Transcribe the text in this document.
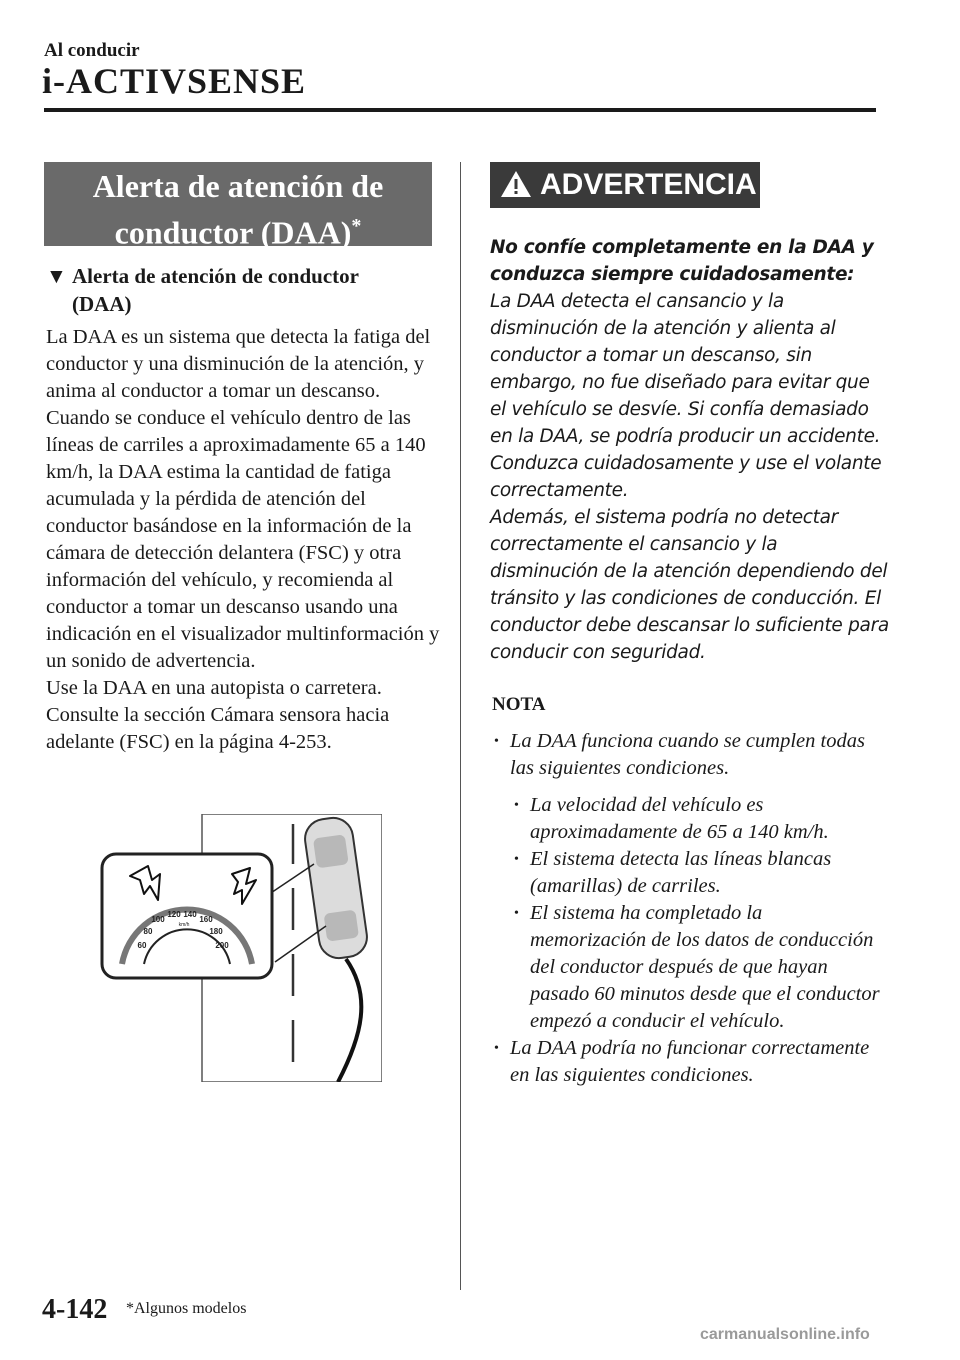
Al conducir
i-ACTIVSENSE
Alerta de atención de
conductor (DAA)*
▼ Alerta de atención de conductor
(DAA)

La DAA es un sistema que detecta la fatiga del conductor y una disminución de la atención, y anima al conductor a tomar un descanso.

Cuando se conduce el vehículo dentro de las líneas de carriles a aproximadamente 65 a 140 km/h, la DAA estima la cantidad de fatiga acumulada y la pérdida de atención del conductor basándose en la información de la cámara de detección delantera (FSC) y otra información del vehículo, y recomienda al conductor a tomar un descanso usando una indicación en el visualizador multinformación y un sonido de advertencia.

Use la DAA en una autopista o carretera.

Consulte la sección Cámara sensora hacia adelante (FSC) en la página 4-253.

60
80
100
120 140
160
180
200
km/h
ADVERTENCIA

No confíe completamente en la DAA y conduzca siempre cuidadosamente:

La DAA detecta el cansancio y la disminución de la atención y alienta al conductor a tomar un descanso, sin embargo, no fue diseñado para evitar que el vehículo se desvíe. Si confía demasiado en la DAA, se podría producir un accidente. Conduzca cuidadosamente y use el volante correctamente.

Además, el sistema podría no detectar correctamente el cansancio y la disminución de la atención dependiendo del tránsito y las condiciones de conducción. El conductor debe descansar lo suficiente para conducir con seguridad.

NOTA

• La DAA funciona cuando se cumplen todas las siguientes condiciones.

• La velocidad del vehículo es aproximadamente de 65 a 140 km/h.

• El sistema detecta las líneas blancas (amarillas) de carriles.

• El sistema ha completado la memorización de los datos de conducción del conductor después de que hayan pasado 60 minutos desde que el conductor empezó a conducir el vehículo.

• La DAA podría no funcionar correctamente en las siguientes condiciones.

4-142 *Algunos modelos
carmanualsonline.info
